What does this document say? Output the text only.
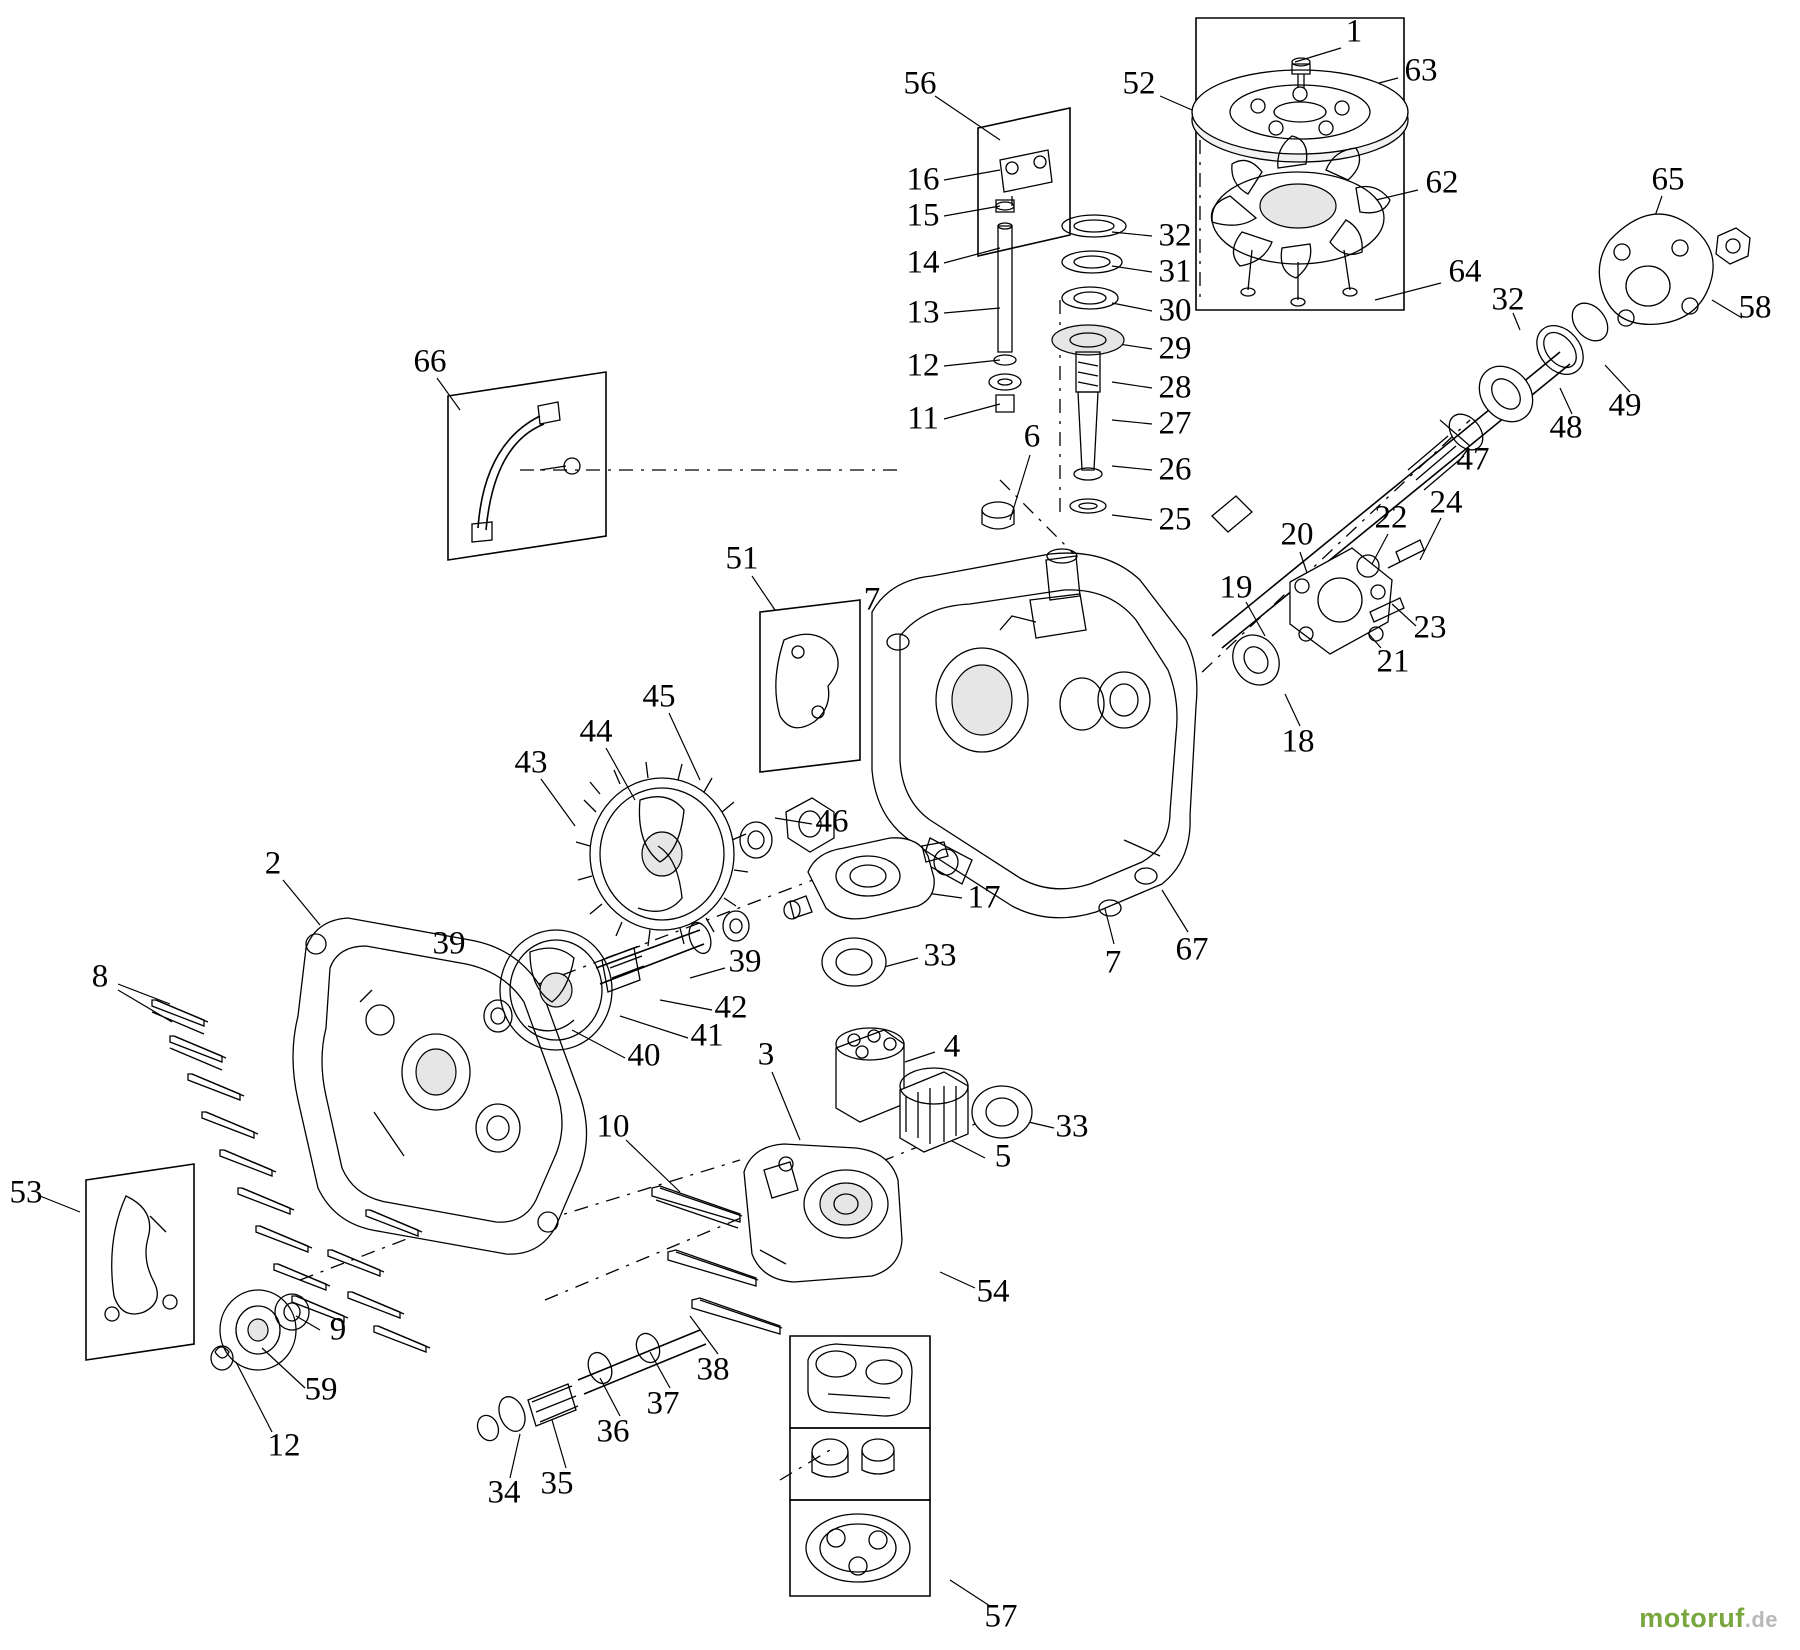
1
2
3	4
5
6
7
7
8
9
10
11
12
12
13
14
15
16
17
18
19
20
21
22
23
24
25
26
27
28
29
30
31
32
32
33
33
34 35
36
37
38
39	39
40
41
42
43
44
45
46
47
48
49
51
52
53
54
56
57
58
59
62
63
64
65
66
67
motoruf.de
